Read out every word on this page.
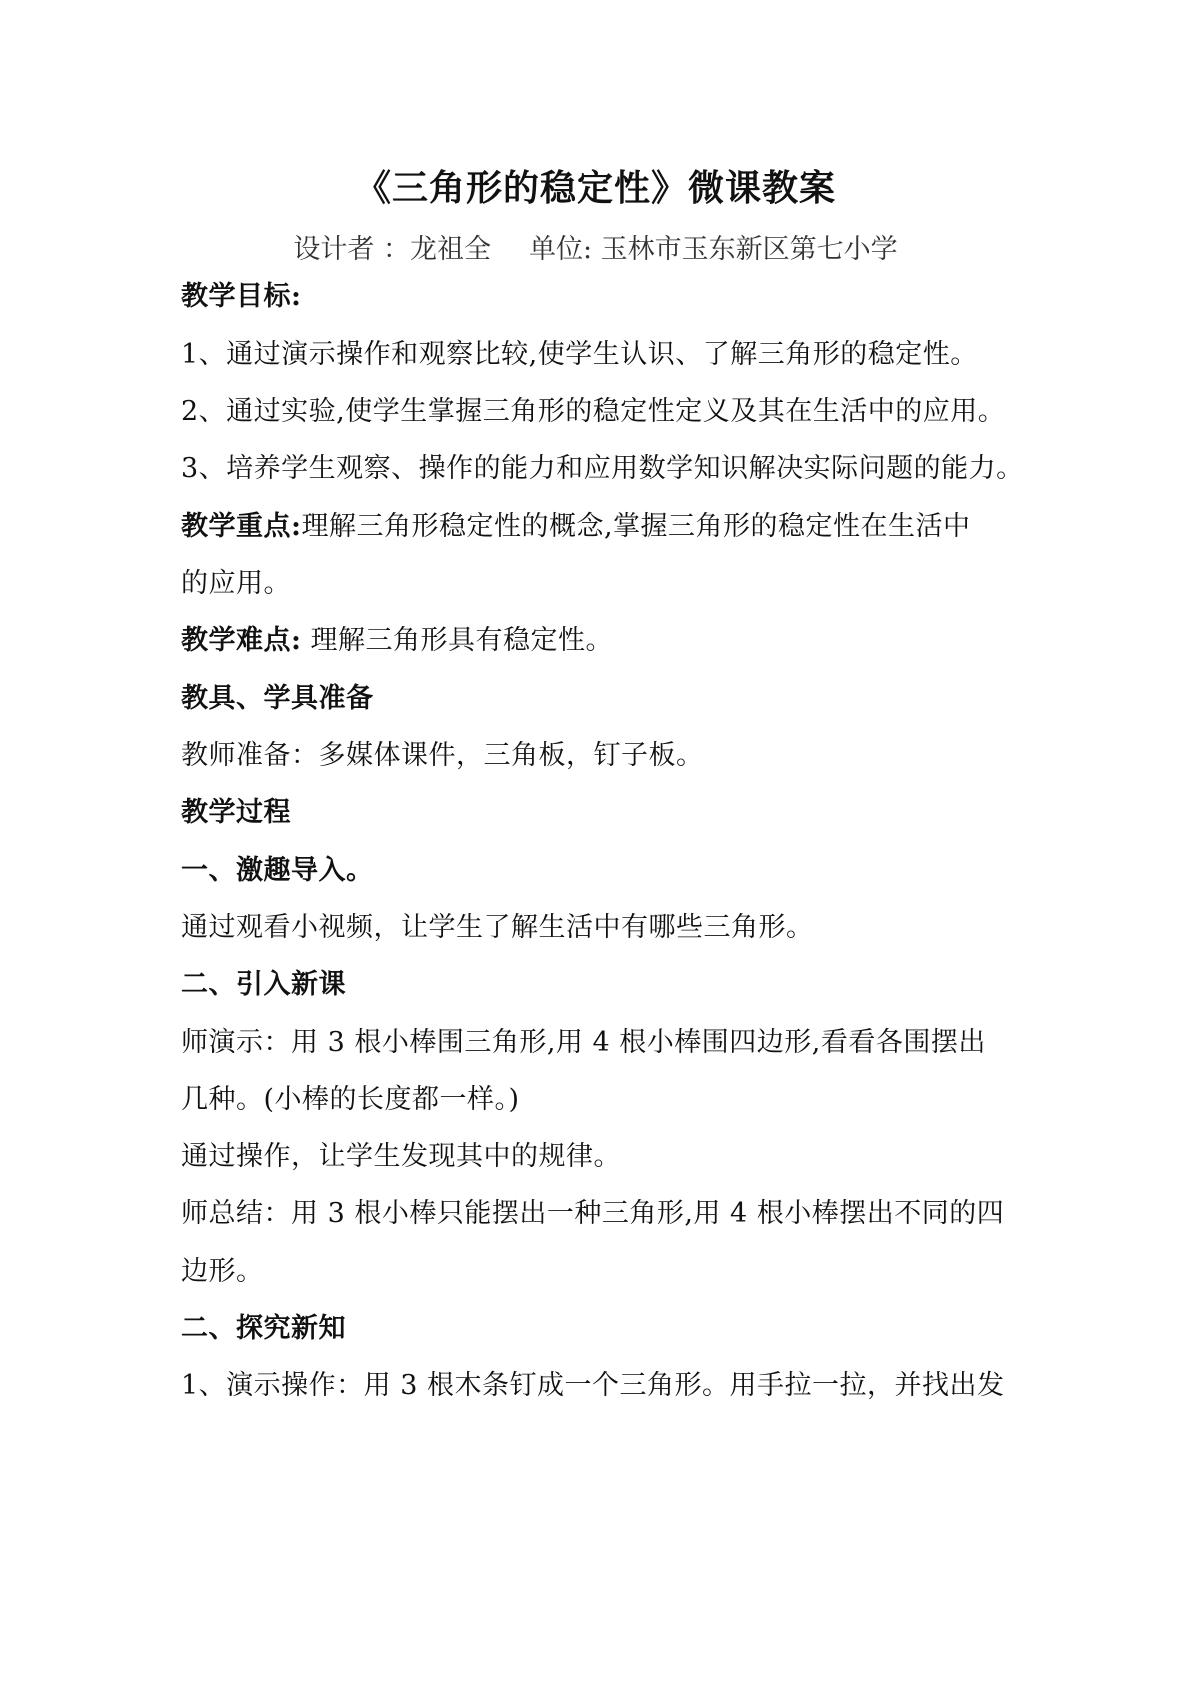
《三角形的稳定性》微课教案
设计者 ：龙祖全 单位: 玉林市玉东新区第七小学
教学目标:
1、通过演示操作和观察比较,使学生认识、了解三角形的稳定性。
2、通过实验,使学生掌握三角形的稳定性定义及其在生活中的应用。
3、培养学生观察、操作的能力和应用数学知识解决实际问题的能力。
教学重点:理解三角形稳定性的概念,掌握三角形的稳定性在生活中
的应用。
教学难点: 理解三角形具有稳定性。
教具、学具准备
教师准备：多媒体课件，三角板，钉子板。
教学过程
一、激趣导入。
通过观看小视频，让学生了解生活中有哪些三角形。
二、引入新课
师演示：用 3 根小棒围三角形,用 4 根小棒围四边形,看看各围摆出
几种。(小棒的长度都一样。)
通过操作，让学生发现其中的规律。
师总结：用 3 根小棒只能摆出一种三角形,用 4 根小棒摆出不同的四
边形。
二、探究新知
1、演示操作：用 3 根木条钉成一个三角形。用手拉一拉，并找出发
